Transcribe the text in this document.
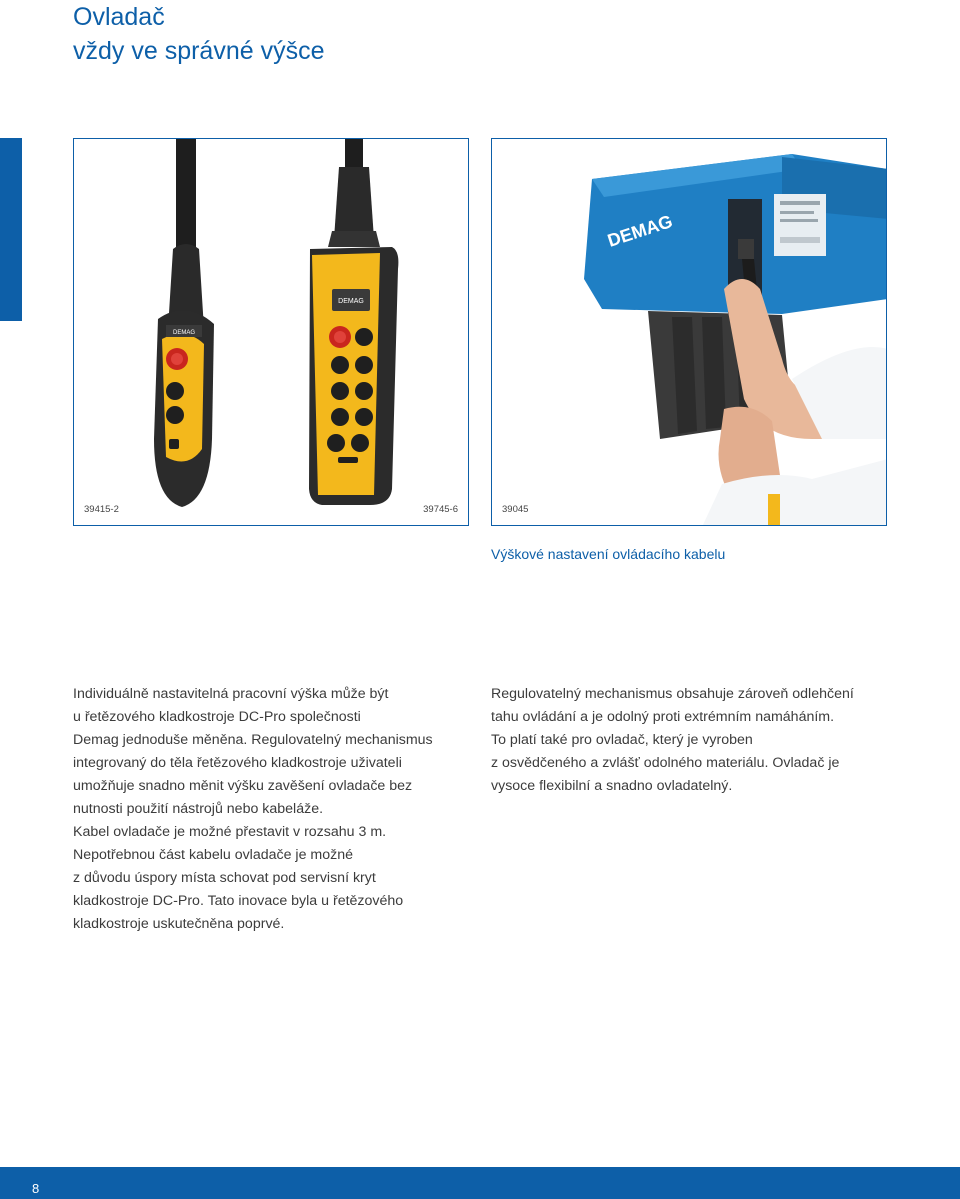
Ovladač
vždy ve správné výšce
DEMAG
DEMAG
39415-2	39745-6
DEMAG
39045
Výškové nastavení ovládacího kabelu
Individuálně nastavitelná pracovní výška může být
u řetězového kladkostroje DC-Pro společnosti
Demag jednoduše měněna. Regulovatelný mechanismus
integrovaný do těla řetězového kladkostroje uživateli
umožňuje snadno měnit výšku zavěšení ovladače bez
nutnosti použití nástrojů nebo kabeláže.
Kabel ovladače je možné přestavit v rozsahu 3 m.
Nepotřebnou část kabelu ovladače je možné
z důvodu úspory místa schovat pod servisní kryt
kladkostroje DC-Pro. Tato inovace byla u řetězového
kladkostroje uskutečněna poprvé.
Regulovatelný mechanismus obsahuje zároveň odlehčení
tahu ovládání a je odolný proti extrémním namáháním.
To platí také pro ovladač, který je vyroben
z osvědčeného a zvlášť odolného materiálu. Ovladač je
vysoce flexibilní a snadno ovladatelný.
8
